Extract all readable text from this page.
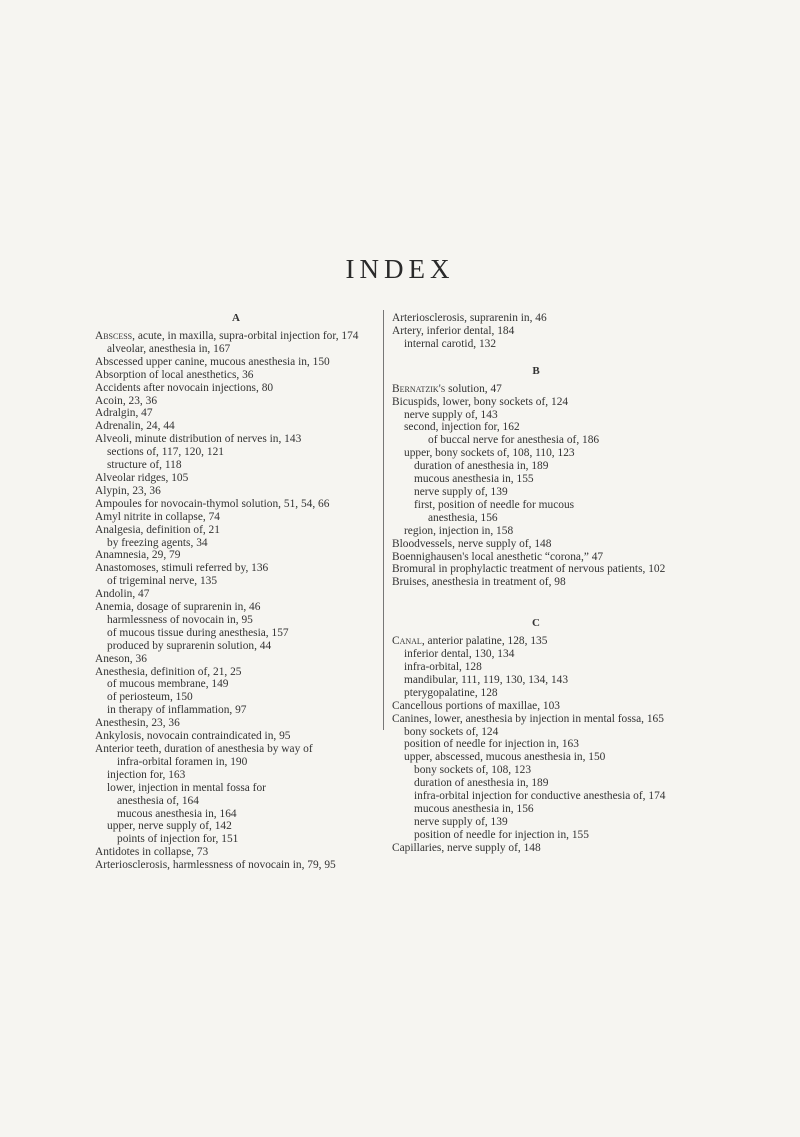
INDEX
A
Abscess, acute, in maxilla, supra-orbital injection for, 174
alveolar, anesthesia in, 167
Abscessed upper canine, mucous anesthesia in, 150
Absorption of local anesthetics, 36
Accidents after novocain injections, 80
Acoin, 23, 36
Adralgin, 47
Adrenalin, 24, 44
Alveoli, minute distribution of nerves in, 143
sections of, 117, 120, 121
structure of, 118
Alveolar ridges, 105
Alypin, 23, 36
Ampoules for novocain-thymol solution, 51, 54, 66
Amyl nitrite in collapse, 74
Analgesia, definition of, 21
by freezing agents, 34
Anamnesia, 29, 79
Anastomoses, stimuli referred by, 136
of trigeminal nerve, 135
Andolin, 47
Anemia, dosage of suprarenin in, 46
harmlessness of novocain in, 95
of mucous tissue during anesthesia, 157
produced by suprarenin solution, 44
Aneson, 36
Anesthesia, definition of, 21, 25
of mucous membrane, 149
of periosteum, 150
in therapy of inflammation, 97
Anesthesin, 23, 36
Ankylosis, novocain contraindicated in, 95
Anterior teeth, duration of anesthesia by way of
infra-orbital foramen in, 190
injection for, 163
lower, injection in mental fossa for
anesthesia of, 164
mucous anesthesia in, 164
upper, nerve supply of, 142
points of injection for, 151
Antidotes in collapse, 73
Arteriosclerosis, harmlessness of novocain in, 79, 95
Arteriosclerosis, suprarenin in, 46
Artery, inferior dental, 184
internal carotid, 132
B
Bernatzik's solution, 47
Bicuspids, lower, bony sockets of, 124
nerve supply of, 143
second, injection for, 162
of buccal nerve for anesthesia of, 186
upper, bony sockets of, 108, 110, 123
duration of anesthesia in, 189
mucous anesthesia in, 155
nerve supply of, 139
first, position of needle for mucous
anesthesia, 156
region, injection in, 158
Bloodvessels, nerve supply of, 148
Boennighausen's local anesthetic “corona,” 47
Bromural in prophylactic treatment of nervous patients, 102
Bruises, anesthesia in treatment of, 98
C
Canal, anterior palatine, 128, 135
inferior dental, 130, 134
infra-orbital, 128
mandibular, 111, 119, 130, 134, 143
pterygopalatine, 128
Cancellous portions of maxillae, 103
Canines, lower, anesthesia by injection in mental fossa, 165
bony sockets of, 124
position of needle for injection in, 163
upper, abscessed, mucous anesthesia in, 150
bony sockets of, 108, 123
duration of anesthesia in, 189
infra-orbital injection for conductive anesthesia of, 174
mucous anesthesia in, 156
nerve supply of, 139
position of needle for injection in, 155
Capillaries, nerve supply of, 148
